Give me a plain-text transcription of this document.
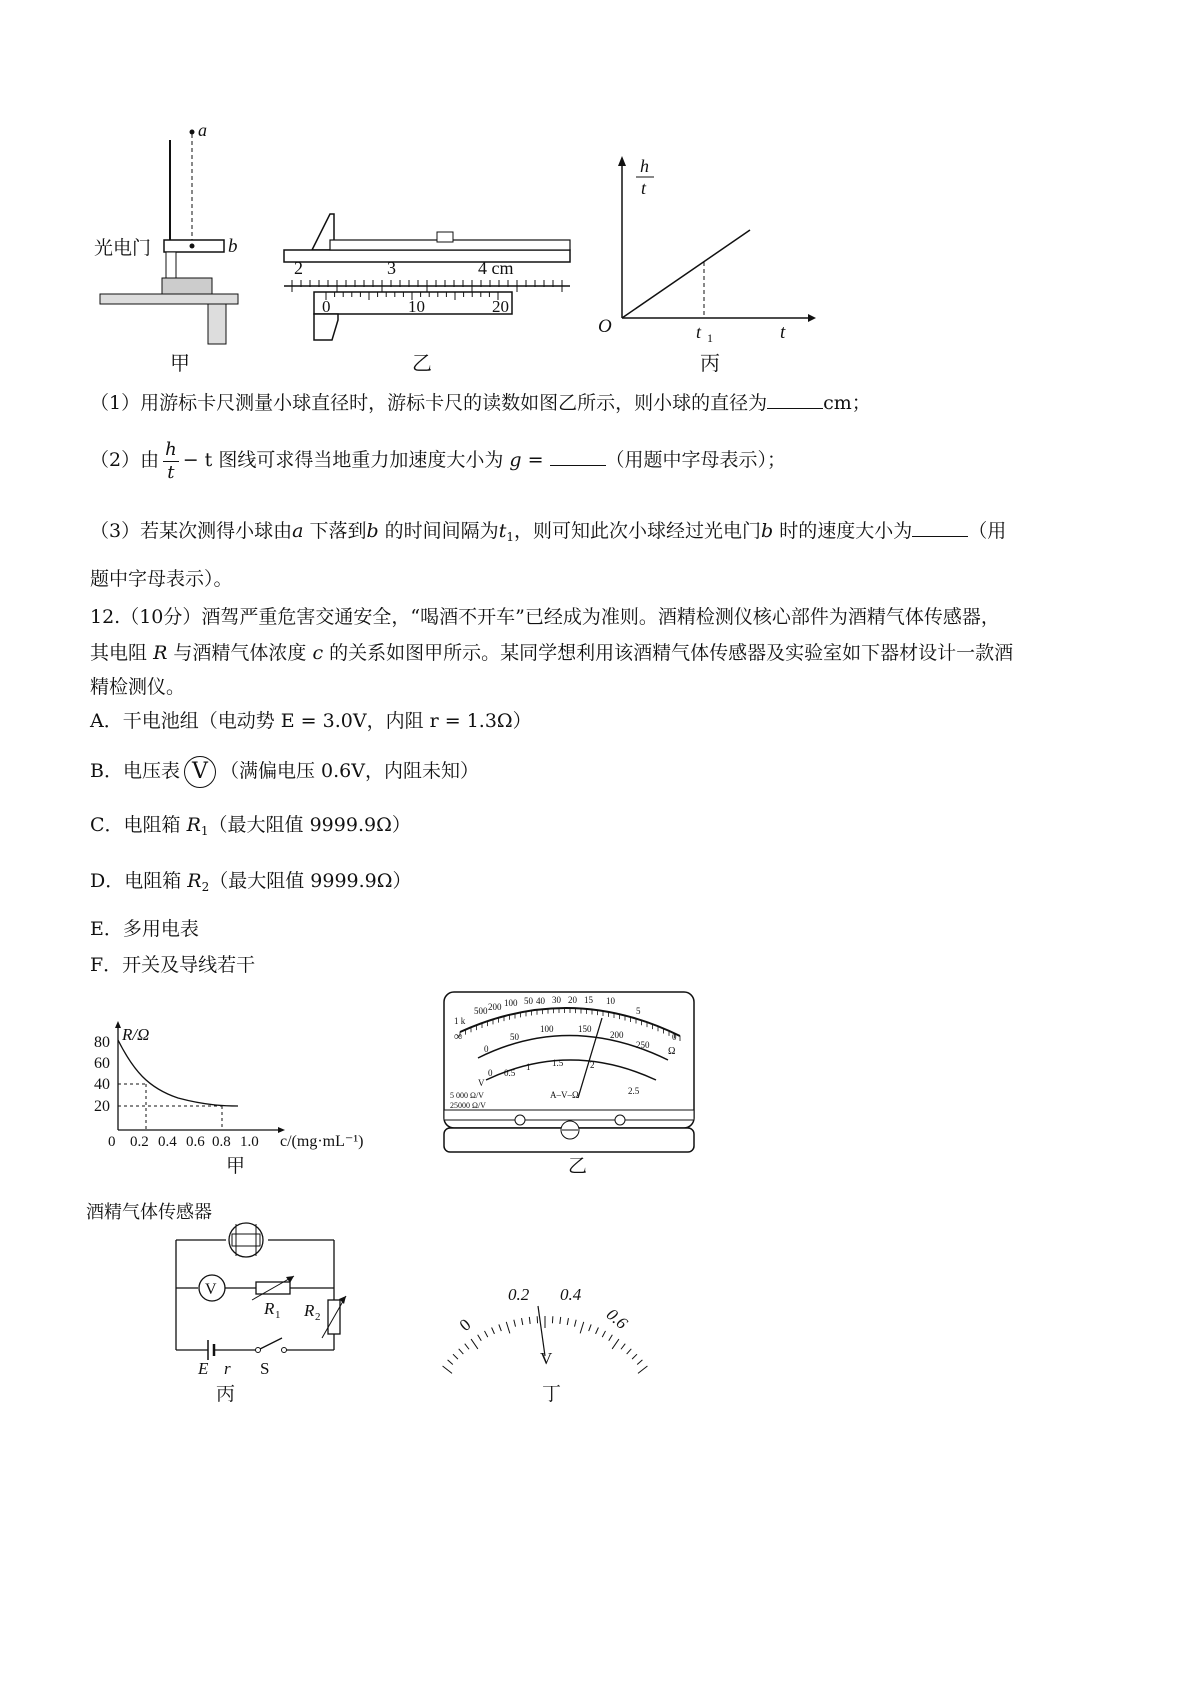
a
b
光电门
甲
2	3	4 cm
0	10	20
乙
h
t
O	t 1	t
丙
（1）用游标卡尺测量小球直径时，游标卡尺的读数如图乙所示，则小球的直径为	cm；
（2）由 $\frac{h}{t} - t$ 图线可求得当地重力加速度大小为 g =	（用题中字母表示）；
（3）若某次测得小球由a 下落到b 的时间间隔为$t_1$，则可知此次小球经过光电门b 时的速度大小为	（用
题中字母表示）。
12.（10分）酒驾严重危害交通安全，“喝酒不开车”已经成为准则。酒精检测仪核心部件为酒精气体传感器，
其电阻 R 与酒精气体浓度 c 的关系如图甲所示。某同学想利用该酒精气体传感器及实验室如下器材设计一款酒
精检测仪。
A．干电池组（电动势 E = 3.0V，内阻 r = 1.3Ω）
B．电压表 V （满偏电压 0.6V，内阻未知）
C．电阻箱 $R_1$（最大阻值 9999.9Ω）
D．电阻箱 $R_2$（最大阻值 9999.9Ω）
E．多用电表
F．开关及导线若干
R/Ω
80
60
40
20
0 0.2 0.4 0.6 0.8 1.0 c/(mg·mL⁻¹)
甲
1 k
500 200 100 50 40 30 20 15 10
5
0
∞
Ω
0
50
100	150
200
250
0 0.5
1 1.5	2
2.5
A–V–Ω
5 000 Ω/V
25000 Ω/V
V
乙
酒精气体传感器
V
R 1 R 2
E r S
丙
0
0.2 0.4
0.6
V
丁
